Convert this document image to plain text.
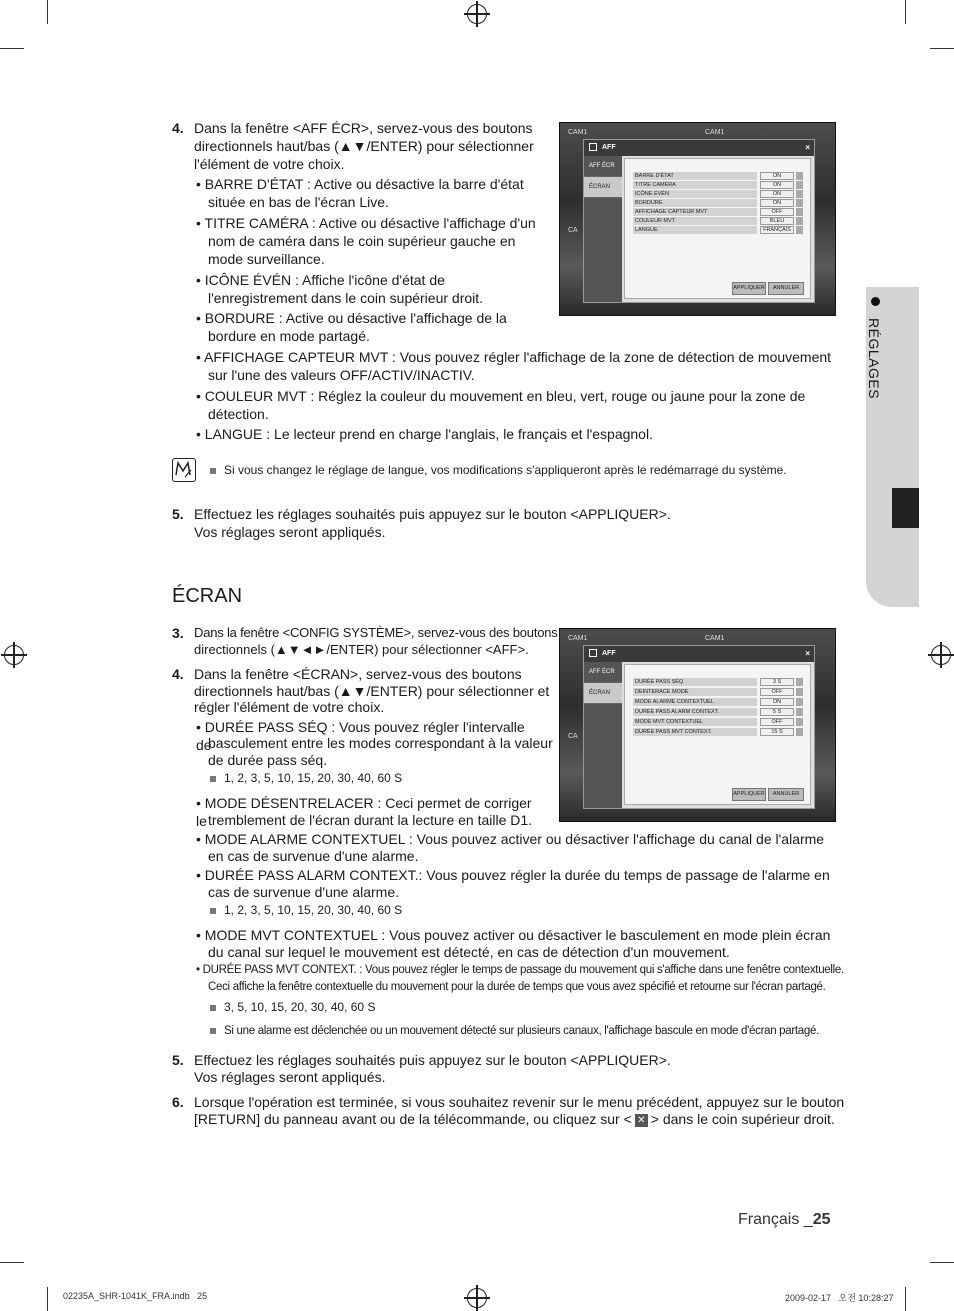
RÉGLAGES
4. Dans la fenêtre <AFF ÉCR>, servez-vous des boutons
directionnels haut/bas (▲▼/ENTER) pour sélectionner
l'élément de votre choix.
• BARRE D'ÉTAT : Active ou désactive la barre d'état
située en bas de l'écran Live.
• TITRE CAMÉRA : Active ou désactive l'affichage d'un
nom de caméra dans le coin supérieur gauche en
mode surveillance.
• ICÔNE ÉVÉN : Affiche l'icône d'état de
l'enregistrement dans le coin supérieur droit.
• BORDURE : Active ou désactive l'affichage de la
bordure en mode partagé.
• AFFICHAGE CAPTEUR MVT : Vous pouvez régler l'affichage de la zone de détection de mouvement
sur l'une des valeurs OFF/ACTIV/INACTIV.
• COULEUR MVT : Réglez la couleur du mouvement en bleu, vert, rouge ou jaune pour la zone de
détection.
• LANGUE : Le lecteur prend en charge l'anglais, le français et l'espagnol.
Si vous changez le réglage de langue, vos modifications s'appliqueront après le redémarrage du système.
5. Effectuez les réglages souhaités puis appuyez sur le bouton <APPLIQUER>.
Vos réglages seront appliqués.
CAM1	CAM1
CA
AFF	×
AFF ÉCR
ÉCRAN
BARRE D'ÉTAT	ON
TITRE CAMÉRA	ON
ICÔNE ÉVÉN	ON
BORDURE	ON
AFFICHAGE CAPTEUR MVT	OFF
COULEUR MVT	BLEU
LANGUE	FRANÇAIS
APPLIQUER	ANNULER
ÉCRAN
3. Dans la fenêtre <CONFIG SYSTÈME>, servez-vous des boutons
directionnels (▲▼◄►/ENTER) pour sélectionner <AFF>.
4. Dans la fenêtre <ÉCRAN>, servez-vous des boutons
directionnels haut/bas (▲▼/ENTER) pour sélectionner et
régler l'élément de votre choix.
• DURÉE PASS SÉQ : Vous pouvez régler l'intervalle de
basculement entre les modes correspondant à la valeur
de durée pass séq.
1, 2, 3, 5, 10, 15, 20, 30, 40, 60 S
• MODE DÉSENTRELACER : Ceci permet de corriger le tremblement de l'écran durant la lecture en taille D1.
• MODE ALARME CONTEXTUEL : Vous pouvez activer ou désactiver l'affichage du canal de l'alarme
en cas de survenue d'une alarme.
• DURÉE PASS ALARM CONTEXT.: Vous pouvez régler la durée du temps de passage de l'alarme en
cas de survenue d'une alarme.
1, 2, 3, 5, 10, 15, 20, 30, 40, 60 S
• MODE MVT CONTEXTUEL : Vous pouvez activer ou désactiver le basculement en mode plein écran
du canal sur lequel le mouvement est détecté, en cas de détection d'un mouvement.
• DURÉE PASS MVT CONTEXT. : Vous pouvez régler le temps de passage du mouvement qui s'affiche dans une fenêtre contextuelle.
Ceci affiche la fenêtre contextuelle du mouvement pour la durée de temps que vous avez spécifié et retourne sur l'écran partagé.
3, 5, 10, 15, 20, 30, 40, 60 S
Si une alarme est déclenchée ou un mouvement détecté sur plusieurs canaux, l'affichage bascule en mode d'écran partagé.
5. Effectuez les réglages souhaités puis appuyez sur le bouton <APPLIQUER>.
Vos réglages seront appliqués.
6. Lorsque l'opération est terminée, si vous souhaitez revenir sur le menu précédent, appuyez sur le bouton
[RETURN] du panneau avant ou de la télécommande, ou cliquez sur < ✕ > dans le coin supérieur droit.
CAM1	CAM1
CA
AFF	×
AFF ÉCR
ÉCRAN
DURÉE PASS SÉQ	3 S
DEINTERACE MODE	OFF
MODE ALARME CONTEXTUEL	ON
DURÉE PASS ALARM CONTEXT.	5 S
MODE MVT CONTEXTUEL	OFF
DURÉE PASS MVT CONTEXT.	15 S
APPLIQUER	ANNULER
Français _25
02235A_SHR-1041K_FRA.indb   25	2009-02-17   오전 10:28:27
